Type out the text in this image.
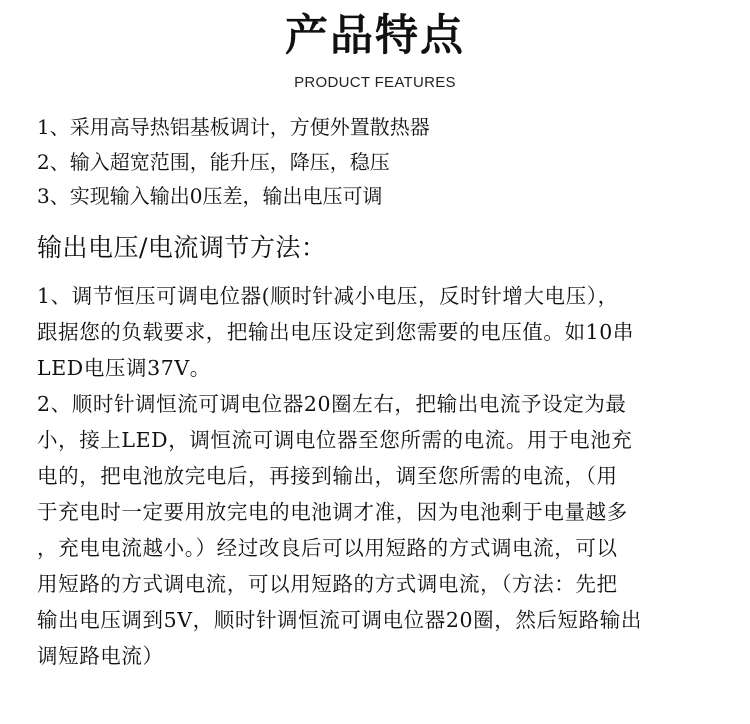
产品特点
PRODUCT FEATURES
1、采用高导热铝基板调计，方便外置散热器
2、输入超宽范围，能升压，降压，稳压
3、实现输入输出0压差，输出电压可调
输出电压/电流调节方法：
1、调节恒压可调电位器(顺时针减小电压，反时针增大电压），
跟据您的负载要求，把输出电压设定到您需要的电压值。如10串
LED电压调37V。
2、顺时针调恒流可调电位器20圈左右，把输出电流予设定为最
小，接上LED，调恒流可调电位器至您所需的电流。用于电池充
电的，把电池放完电后，再接到输出，调至您所需的电流，（用
于充电时一定要用放完电的电池调才准，因为电池剩于电量越多
，充电电流越小。）经过改良后可以用短路的方式调电流，可以
用短路的方式调电流，可以用短路的方式调电流，（方法：先把
输出电压调到5V，顺时针调恒流可调电位器20圈，然后短路输出
调短路电流）
